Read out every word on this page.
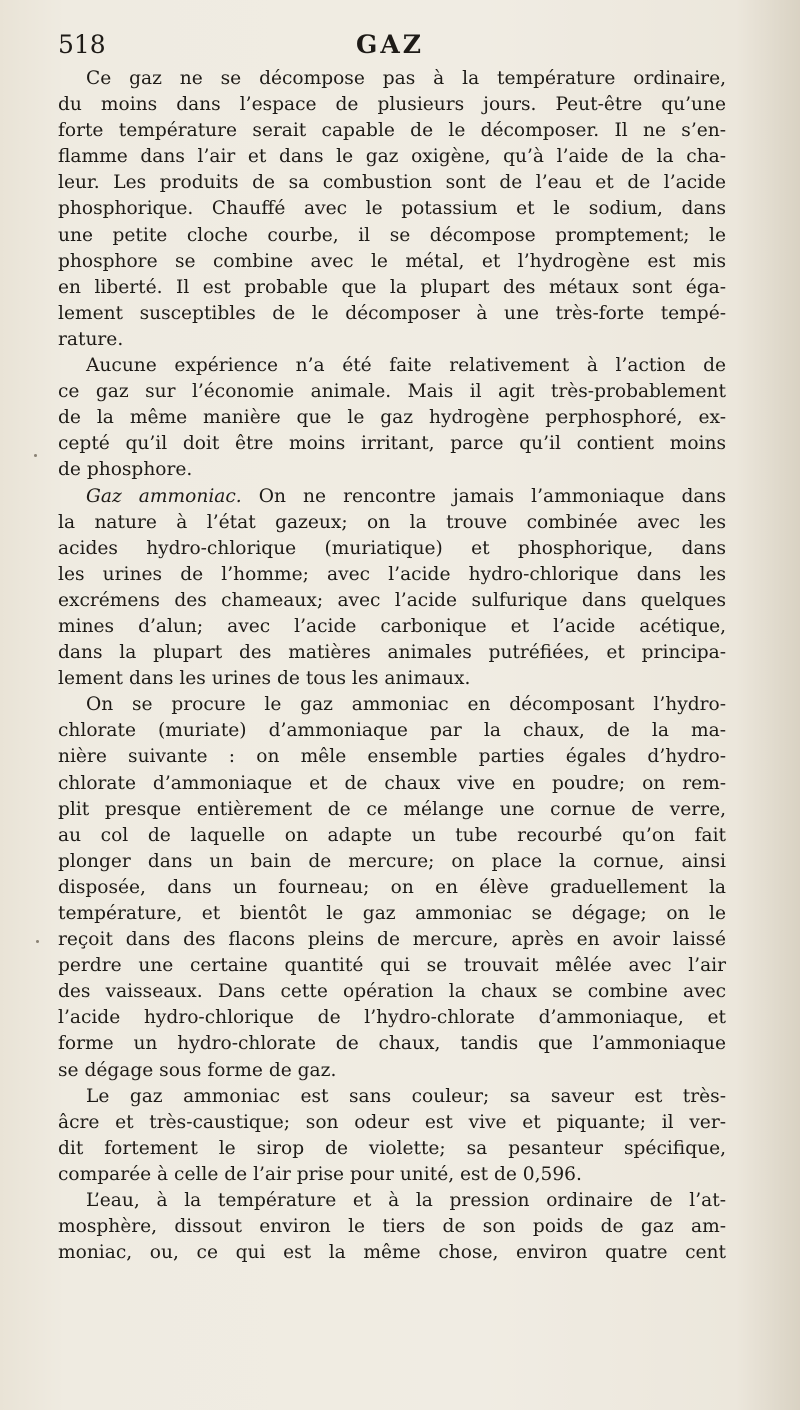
518	GAZ

Ce gaz ne se décompose pas à la température ordinaire,
du moins dans l’espace de plusieurs jours. Peut-être qu’une
forte température serait capable de le décomposer. Il ne s’en-
flamme dans l’air et dans le gaz oxigène, qu’à l’aide de la cha-
leur. Les produits de sa combustion sont de l’eau et de l’acide
phosphorique. Chauffé avec le potassium et le sodium, dans
une petite cloche courbe, il se décompose promptement; le
phosphore se combine avec le métal, et l’hydrogène est mis
en liberté. Il est probable que la plupart des métaux sont éga-
lement susceptibles de le décomposer à une très-forte tempé-
rature.

Aucune expérience n’a été faite relativement à l’action de
ce gaz sur l’économie animale. Mais il agit très-probablement
de la même manière que le gaz hydrogène perphosphoré, ex-
cepté qu’il doit être moins irritant, parce qu’il contient moins
de phosphore.

Gaz ammoniac. On ne rencontre jamais l’ammoniaque dans
la nature à l’état gazeux; on la trouve combinée avec les
acides hydro-chlorique (muriatique) et phosphorique, dans
les urines de l’homme; avec l’acide hydro-chlorique dans les
excrémens des chameaux; avec l’acide sulfurique dans quelques
mines d’alun; avec l’acide carbonique et l’acide acétique,
dans la plupart des matières animales putréfiées, et principa-
lement dans les urines de tous les animaux.

On se procure le gaz ammoniac en décomposant l’hydro-
chlorate (muriate) d’ammoniaque par la chaux, de la ma-
nière suivante : on mêle ensemble parties égales d’hydro-
chlorate d’ammoniaque et de chaux vive en poudre; on rem-
plit presque entièrement de ce mélange une cornue de verre,
au col de laquelle on adapte un tube recourbé qu’on fait
plonger dans un bain de mercure; on place la cornue, ainsi
disposée, dans un fourneau; on en élève graduellement la
température, et bientôt le gaz ammoniac se dégage; on le
reçoit dans des flacons pleins de mercure, après en avoir laissé
perdre une certaine quantité qui se trouvait mêlée avec l’air
des vaisseaux. Dans cette opération la chaux se combine avec
l’acide hydro-chlorique de l’hydro-chlorate d’ammoniaque, et
forme un hydro-chlorate de chaux, tandis que l’ammoniaque
se dégage sous forme de gaz.

Le gaz ammoniac est sans couleur; sa saveur est très-
âcre et très-caustique; son odeur est vive et piquante; il ver-
dit fortement le sirop de violette; sa pesanteur spécifique,
comparée à celle de l’air prise pour unité, est de 0,596.

L’eau, à la température et à la pression ordinaire de l’at-
mosphère, dissout environ le tiers de son poids de gaz am-
moniac, ou, ce qui est la même chose, environ quatre cent
